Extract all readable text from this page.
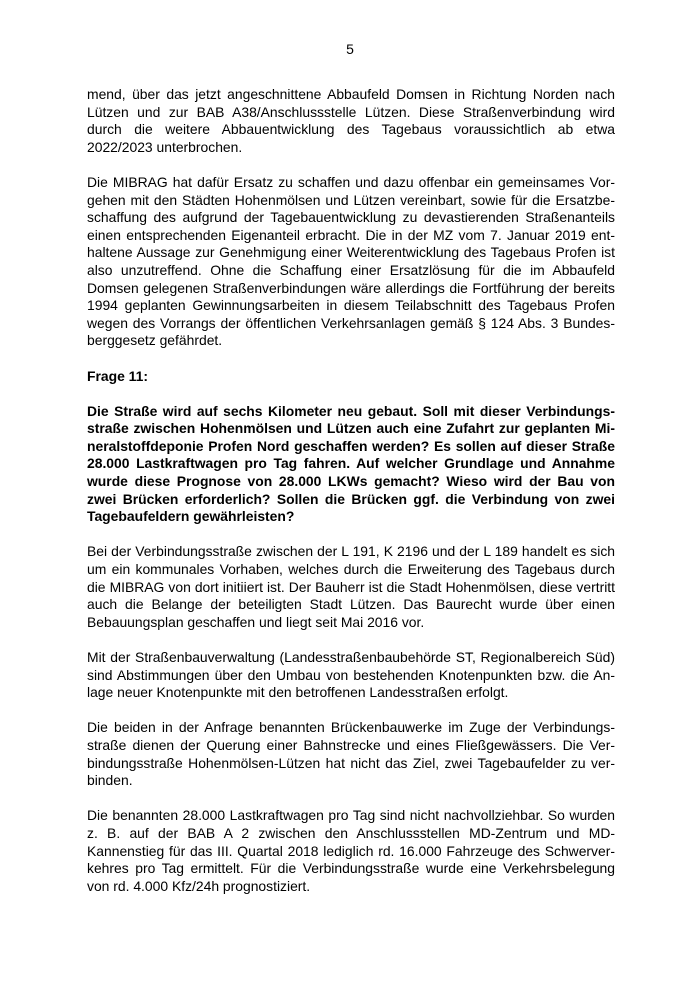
5

mend, über das jetzt angeschnittene Abbaufeld Domsen in Richtung Norden nach Lützen und zur BAB A38/Anschlussstelle Lützen. Diese Straßenverbindung wird durch die weitere Abbauentwicklung des Tagebaus voraussichtlich ab etwa 2022/2023 unterbrochen.

Die MIBRAG hat dafür Ersatz zu schaffen und dazu offenbar ein gemeinsames Vorgehen mit den Städten Hohenmölsen und Lützen vereinbart, sowie für die Ersatzbeschaffung des aufgrund der Tagebauentwicklung zu devastierenden Straßenanteils einen entsprechenden Eigenanteil erbracht. Die in der MZ vom 7. Januar 2019 enthaltene Aussage zur Genehmigung einer Weiterentwicklung des Tagebaus Profen ist also unzutreffend. Ohne die Schaffung einer Ersatzlösung für die im Abbaufeld Domsen gelegenen Straßenverbindungen wäre allerdings die Fortführung der bereits 1994 geplanten Gewinnungsarbeiten in diesem Teilabschnitt des Tagebaus Profen wegen des Vorrangs der öffentlichen Verkehrsanlagen gemäß § 124 Abs. 3 Bundesberggesetz gefährdet.

Frage 11:

Die Straße wird auf sechs Kilometer neu gebaut. Soll mit dieser Verbindungsstraße zwischen Hohenmölsen und Lützen auch eine Zufahrt zur geplanten Mineralstoffdeponie Profen Nord geschaffen werden? Es sollen auf dieser Straße 28.000 Lastkraftwagen pro Tag fahren. Auf welcher Grundlage und Annahme wurde diese Prognose von 28.000 LKWs gemacht? Wieso wird der Bau von zwei Brücken erforderlich? Sollen die Brücken ggf. die Verbindung von zwei Tagebaufeldern gewährleisten?

Bei der Verbindungsstraße zwischen der L 191, K 2196 und der L 189 handelt es sich um ein kommunales Vorhaben, welches durch die Erweiterung des Tagebaus durch die MIBRAG von dort initiiert ist. Der Bauherr ist die Stadt Hohenmölsen, diese vertritt auch die Belange der beteiligten Stadt Lützen. Das Baurecht wurde über einen Bebauungsplan geschaffen und liegt seit Mai 2016 vor.

Mit der Straßenbauverwaltung (Landesstraßenbaubehörde ST, Regionalbereich Süd) sind Abstimmungen über den Umbau von bestehenden Knotenpunkten bzw. die Anlage neuer Knotenpunkte mit den betroffenen Landesstraßen erfolgt.

Die beiden in der Anfrage benannten Brückenbauwerke im Zuge der Verbindungsstraße dienen der Querung einer Bahnstrecke und eines Fließgewässers. Die Verbindungsstraße Hohenmölsen-Lützen hat nicht das Ziel, zwei Tagebaufelder zu verbinden.

Die benannten 28.000 Lastkraftwagen pro Tag sind nicht nachvollziehbar. So wurden z. B. auf der BAB A 2 zwischen den Anschlussstellen MD-Zentrum und MD-Kannenstieg für das III. Quartal 2018 lediglich rd. 16.000 Fahrzeuge des Schwerverkehres pro Tag ermittelt. Für die Verbindungsstraße wurde eine Verkehrsbelegung von rd. 4.000 Kfz/24h prognostiziert.
